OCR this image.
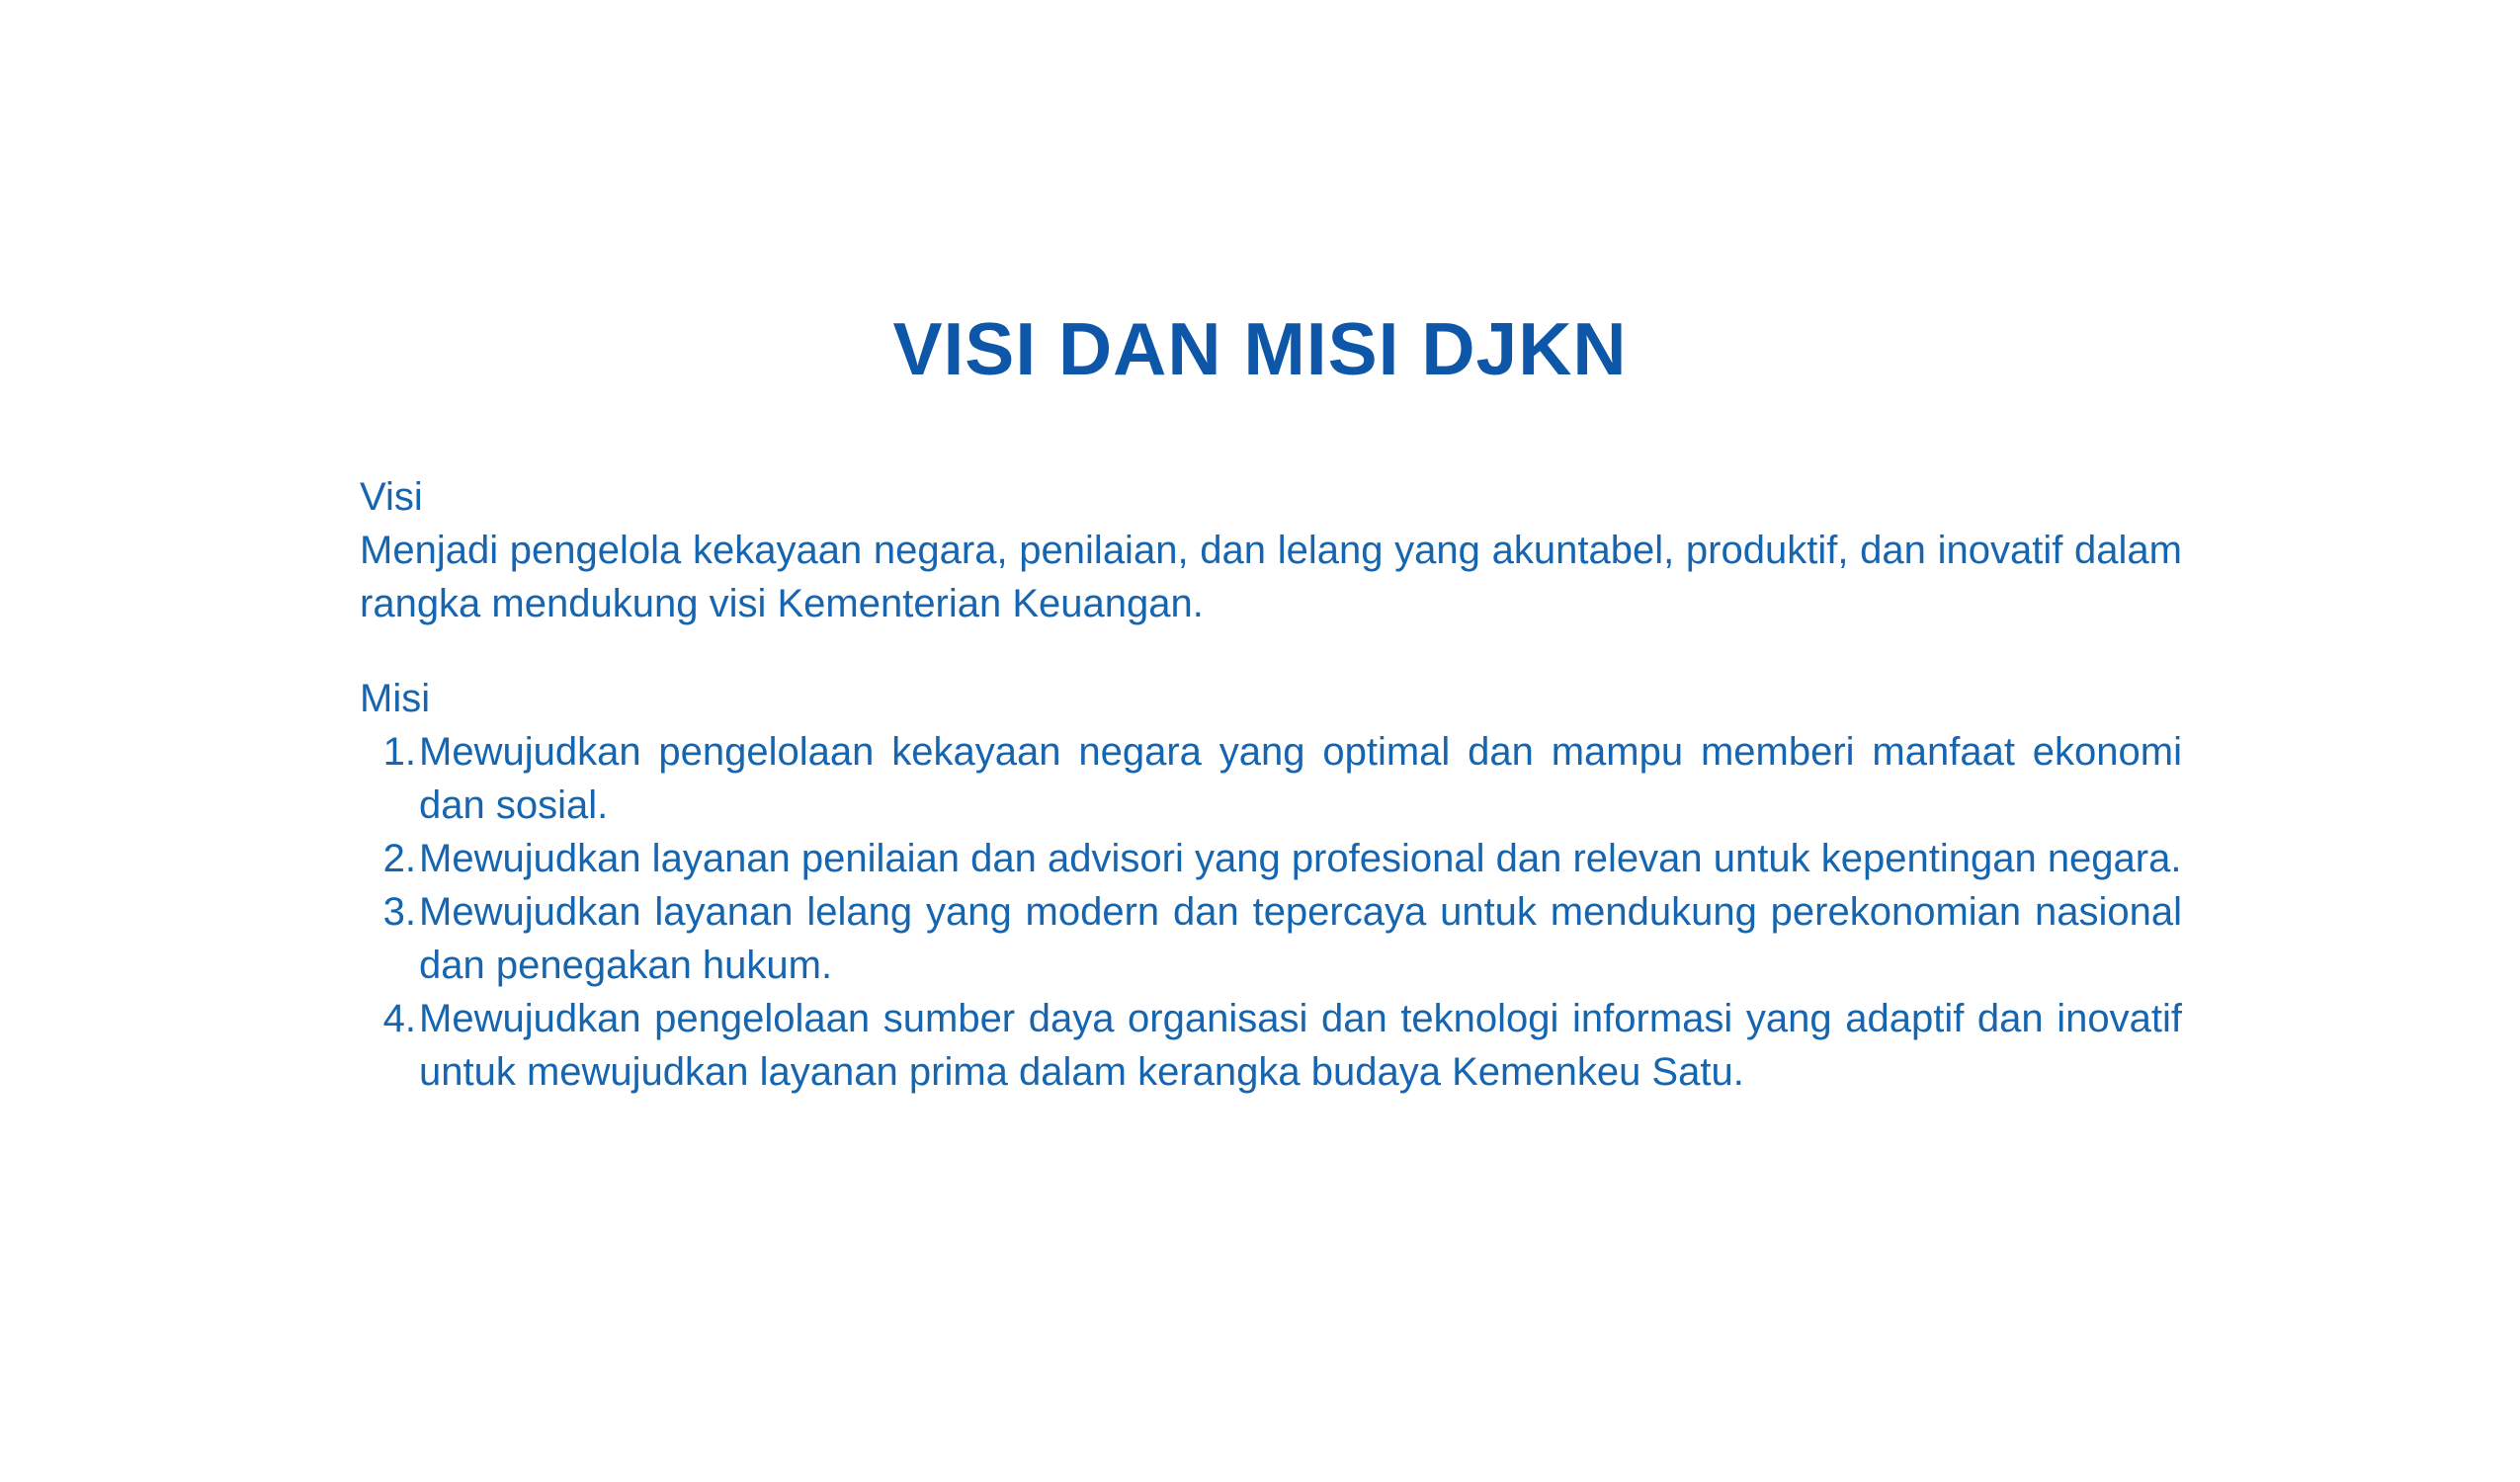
VISI DAN MISI DJKN

Visi

Menjadi pengelola kekayaan negara, penilaian, dan lelang yang akuntabel, produktif, dan inovatif dalam rangka mendukung visi Kementerian Keuangan.

Misi

1. Mewujudkan pengelolaan kekayaan negara yang optimal dan mampu memberi manfaat ekonomi dan sosial.
2. Mewujudkan layanan penilaian dan advisori yang profesional dan relevan untuk kepentingan negara.
3. Mewujudkan layanan lelang yang modern dan tepercaya untuk mendukung perekonomian nasional dan penegakan hukum.
4. Mewujudkan pengelolaan sumber daya organisasi dan teknologi informasi yang adaptif dan inovatif untuk mewujudkan layanan prima dalam kerangka budaya Kemenkeu Satu.
